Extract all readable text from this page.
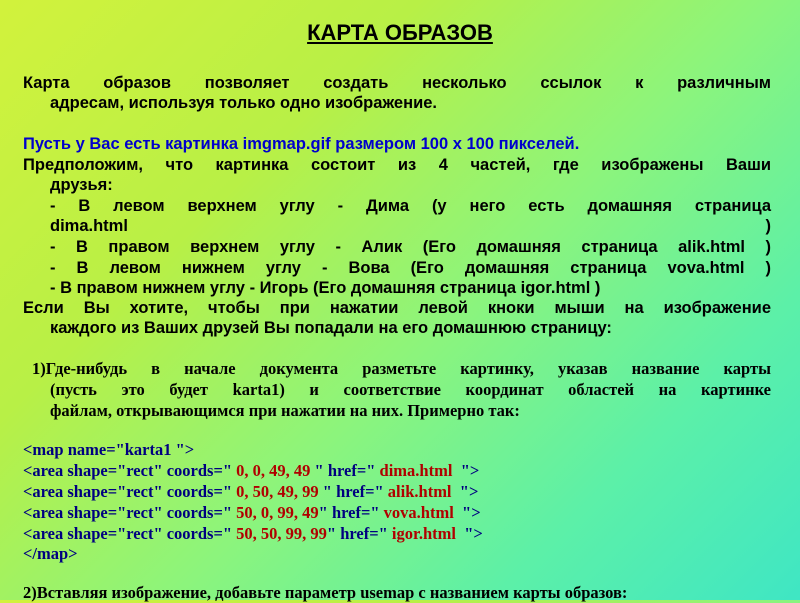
КАРТА ОБРАЗОВ
Карта образов позволяет создать несколько ссылок к различным
адресам, используя только одно изображение.
Пусть у Вас есть картинка imgmap.gif размером 100 х 100 пикселей.
Предположим, что картинка состоит из 4 частей, где изображены Ваши
друзья:
- В левом верхнем углу - Дима (у него есть домашняя страница
dima.html )
- В правом верхнем углу - Алик (Его домашняя страница alik.html )
- В левом нижнем углу - Вова (Его домашняя страница vova.html )
- В правом нижнем углу - Игорь (Его домашняя страница igor.html )
Если Вы хотите, чтобы при нажатии левой кноки мыши на изображение
каждого из Ваших друзей Вы попадали на его домашнюю страницу:
1)Где-нибудь в начале документа разметьте картинку, указав название карты
(пусть это будет karta1) и соответствие координат областей на картинке
файлам, открывающимся при нажатии на них. Примерно так:
<map name="karta1 ">
<area shape="rect" coords=" 0, 0, 49, 49 " href=" dima.html  ">
<area shape="rect" coords=" 0, 50, 49, 99 " href=" alik.html  ">
<area shape="rect" coords=" 50, 0, 99, 49" href=" vova.html  ">
<area shape="rect" coords=" 50, 50, 99, 99" href=" igor.html  ">
</map>
2)Вставляя изображение, добавьте параметр usemap с названием карты образов:
